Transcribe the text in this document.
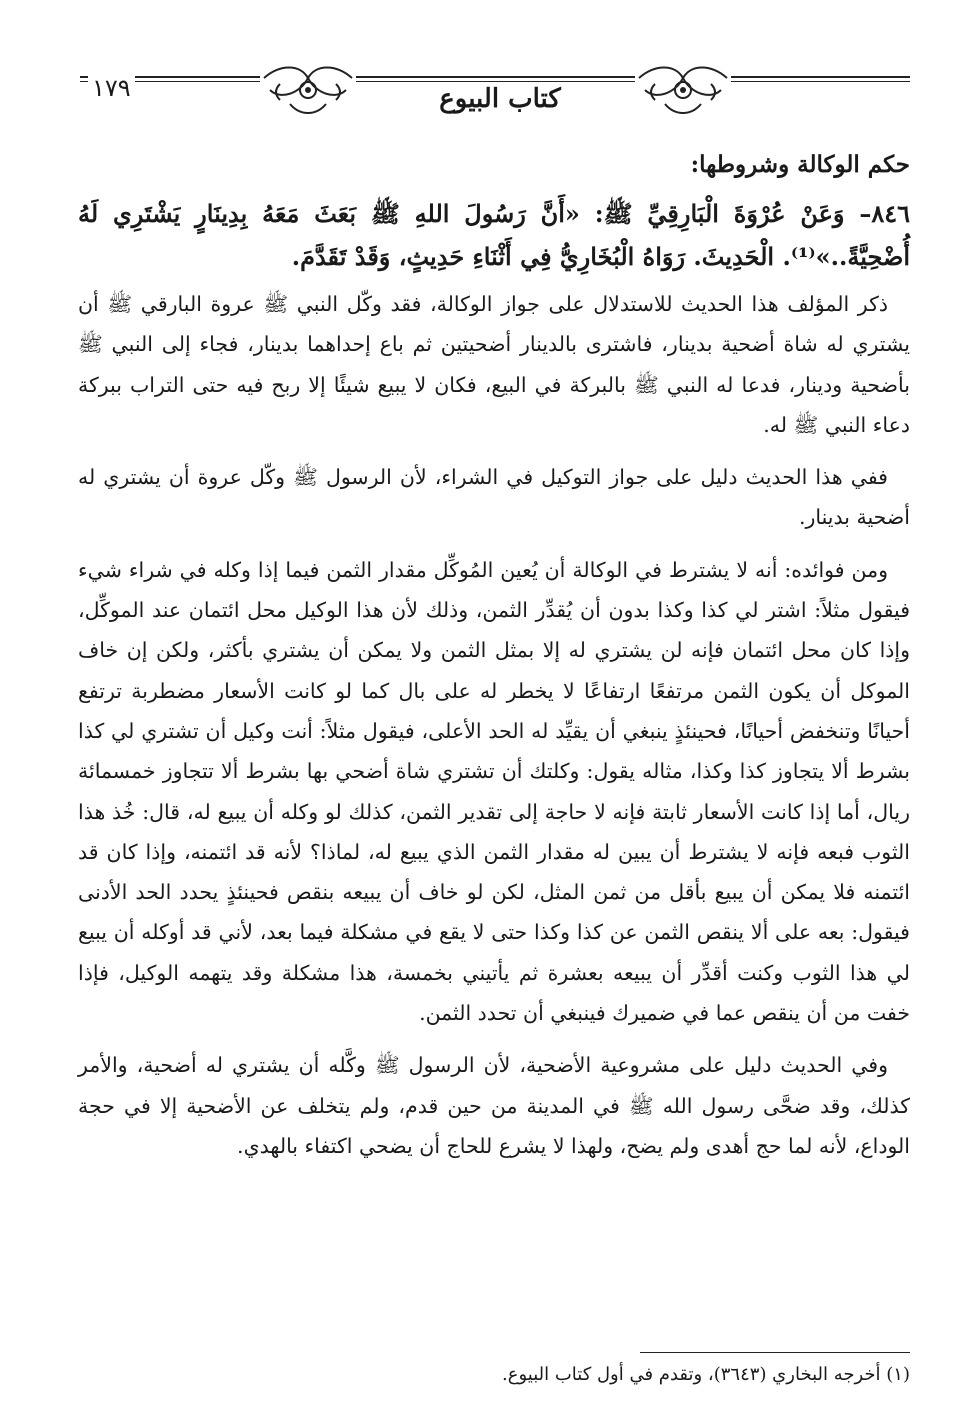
١٧٩	كتاب البيوع
حكم الوكالة وشروطها:

٨٤٦– وَعَنْ عُرْوَةَ الْبَارِقِيِّ ﷺ: «أَنَّ رَسُولَ اللهِ ﷺ بَعَثَ مَعَهُ بِدِينَارٍ يَشْتَرِي لَهُ أُضْحِيَّةً..»⁽¹⁾. الْحَدِيثَ. رَوَاهُ الْبُخَارِيُّ فِي أَثْنَاءِ حَدِيثٍ، وَقَدْ تَقَدَّمَ.

ذكر المؤلف هذا الحديث للاستدلال على جواز الوكالة، فقد وكّل النبي ﷺ عروة البارقي ﷺ أن يشتري له شاة أضحية بدينار، فاشترى بالدينار أضحيتين ثم باع إحداهما بدينار، فجاء إلى النبي ﷺ بأضحية ودينار، فدعا له النبي ﷺ بالبركة في البيع، فكان لا يبيع شيئًا إلا ربح فيه حتى التراب ببركة دعاء النبي ﷺ له.

ففي هذا الحديث دليل على جواز التوكيل في الشراء، لأن الرسول ﷺ وكّل عروة أن يشتري له أضحية بدينار.

ومن فوائده: أنه لا يشترط في الوكالة أن يُعين المُوكِّل مقدار الثمن فيما إذا وكله في شراء شيء فيقول مثلاً: اشتر لي كذا وكذا بدون أن يُقدِّر الثمن، وذلك لأن هذا الوكيل محل ائتمان عند الموكِّل، وإذا كان محل ائتمان فإنه لن يشتري له إلا بمثل الثمن ولا يمكن أن يشتري بأكثر، ولكن إن خاف الموكل أن يكون الثمن مرتفعًا ارتفاعًا لا يخطر له على بال كما لو كانت الأسعار مضطربة ترتفع أحيانًا وتنخفض أحيانًا، فحينئذٍ ينبغي أن يقيِّد له الحد الأعلى، فيقول مثلاً: أنت وكيل أن تشتري لي كذا بشرط ألا يتجاوز كذا وكذا، مثاله يقول: وكلتك أن تشتري شاة أضحي بها بشرط ألا تتجاوز خمسمائة ريال، أما إذا كانت الأسعار ثابتة فإنه لا حاجة إلى تقدير الثمن، كذلك لو وكله أن يبيع له، قال: خُذ هذا الثوب فبعه فإنه لا يشترط أن يبين له مقدار الثمن الذي يبيع له، لماذا؟ لأنه قد ائتمنه، وإذا كان قد ائتمنه فلا يمكن أن يبيع بأقل من ثمن المثل، لكن لو خاف أن يبيعه بنقص فحينئذٍ يحدد الحد الأدنى فيقول: بعه على ألا ينقص الثمن عن كذا وكذا حتى لا يقع في مشكلة فيما بعد، لأني قد أوكله أن يبيع لي هذا الثوب وكنت أقدِّر أن يبيعه بعشرة ثم يأتيني بخمسة، هذا مشكلة وقد يتهمه الوكيل، فإذا خفت من أن ينقص عما في ضميرك فينبغي أن تحدد الثمن.

وفي الحديث دليل على مشروعية الأضحية، لأن الرسول ﷺ وكَّله أن يشتري له أضحية، والأمر كذلك، وقد ضحَّى رسول الله ﷺ في المدينة من حين قدم، ولم يتخلف عن الأضحية إلا في حجة الوداع، لأنه لما حج أهدى ولم يضح، ولهذا لا يشرع للحاج أن يضحي اكتفاء بالهدي.

(١) أخرجه البخاري (٣٦٤٣)، وتقدم في أول كتاب البيوع.
